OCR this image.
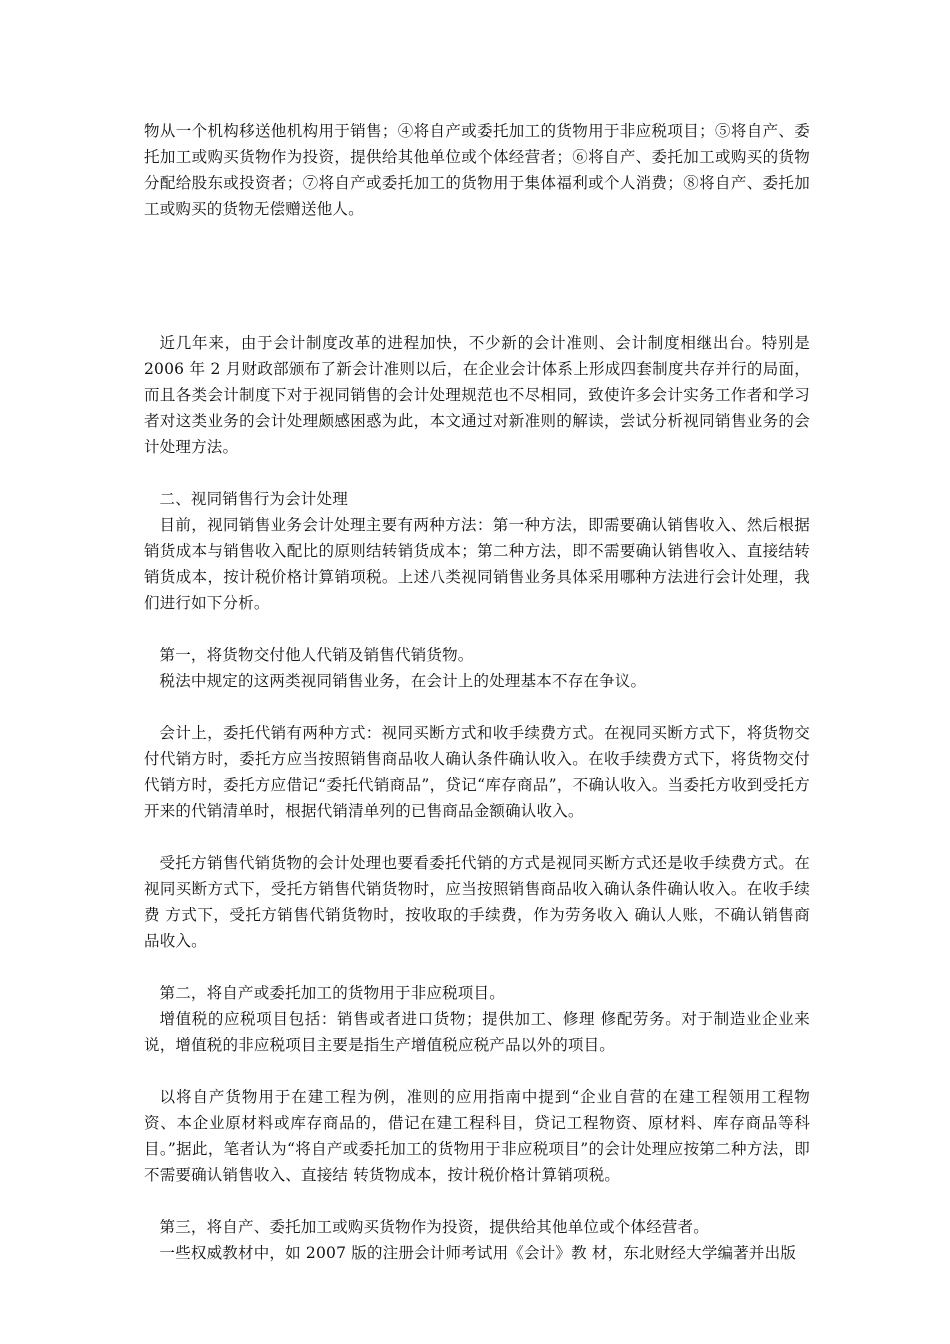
物从一个机构移送他机构用于销售；④将自产或委托加工的货物用于非应税项目；⑤将自产、委托加工或购买货物作为投资，提供给其他单位或个体经营者；⑥将自产、委托加工或购买的货物分配给股东或投资者；⑦将自产或委托加工的货物用于集体福利或个人消费；⑧将自产、委托加工或购买的货物无偿赠送他人。

近几年来，由于会计制度改革的进程加快，不少新的会计准则、会计制度相继出台。特别是 2006 年 2 月财政部颁布了新会计准则以后，在企业会计体系上形成四套制度共存并行的局面，而且各类会计制度下对于视同销售的会计处理规范也不尽相同，致使许多会计实务工作者和学习者对这类业务的会计处理颇感困惑为此，本文通过对新准则的解读，尝试分析视同销售业务的会计处理方法。

二、视同销售行为会计处理

目前，视同销售业务会计处理主要有两种方法：第一种方法，即需要确认销售收入、然后根据销货成本与销售收入配比的原则结转销货成本；第二种方法，即不需要确认销售收入、直接结转销货成本，按计税价格计算销项税。上述八类视同销售业务具体采用哪种方法进行会计处理，我们进行如下分析。

第一，将货物交付他人代销及销售代销货物。

税法中规定的这两类视同销售业务，在会计上的处理基本不存在争议。

会计上，委托代销有两种方式：视同买断方式和收手续费方式。在视同买断方式下，将货物交付代销方时，委托方应当按照销售商品收人确认条件确认收入。在收手续费方式下，将货物交付代销方时，委托方应借记“委托代销商品”，贷记“库存商品”，不确认收入。当委托方收到受托方开来的代销清单时，根据代销清单列的已售商品金额确认收入。

受托方销售代销货物的会计处理也要看委托代销的方式是视同买断方式还是收手续费方式。在视同买断方式下，受托方销售代销货物时，应当按照销售商品收入确认条件确认收入。在收手续费 方式下，受托方销售代销货物时，按收取的手续费，作为劳务收入 确认人账，不确认销售商品收入。

第二，将自产或委托加工的货物用于非应税项目。

增值税的应税项目包括：销售或者进口货物；提供加工、修理 修配劳务。对于制造业企业来说，增值税的非应税项目主要是指生产增值税应税产品以外的项目。

以将自产货物用于在建工程为例，准则的应用指南中提到“企业自营的在建工程领用工程物资、本企业原材料或库存商品的，借记在建工程科目，贷记工程物资、原材料、库存商品等科目。”据此，笔者认为“将自产或委托加工的货物用于非应税项目”的会计处理应按第二种方法，即不需要确认销售收入、直接结 转货物成本，按计税价格计算销项税。

第三，将自产、委托加工或购买货物作为投资，提供给其他单位或个体经营者。

一些权威教材中，如 2007 版的注册会计师考试用《会计》教 材，东北财经大学编著并出版
